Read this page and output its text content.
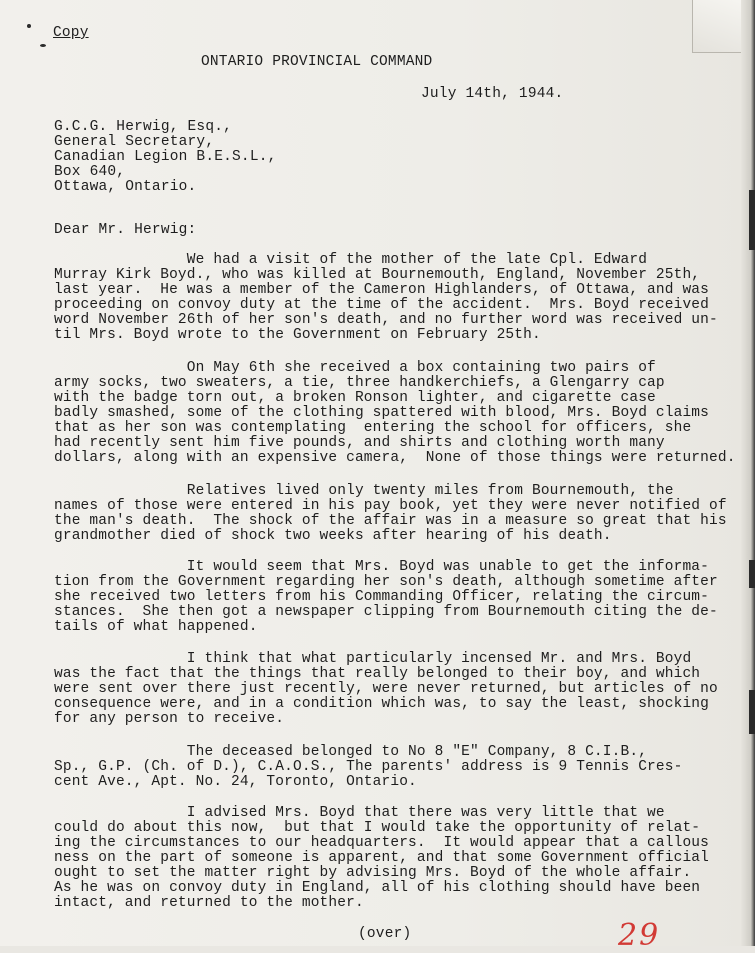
Copy
ONTARIO PROVINCIAL COMMAND
July 14th, 1944.
G.C.G. Herwig, Esq.,
General Secretary,
Canadian Legion B.E.S.L.,
Box 640,
Ottawa, Ontario.
Dear Mr. Herwig:
We had a visit of the mother of the late Cpl. Edward
Murray Kirk Boyd., who was killed at Bournemouth, England, November 25th,
last year.  He was a member of the Cameron Highlanders, of Ottawa, and was
proceeding on convoy duty at the time of the accident.  Mrs. Boyd received
word November 26th of her son's death, and no further word was received un-
til Mrs. Boyd wrote to the Government on February 25th.
On May 6th she received a box containing two pairs of
army socks, two sweaters, a tie, three handkerchiefs, a Glengarry cap
with the badge torn out, a broken Ronson lighter, and cigarette case
badly smashed, some of the clothing spattered with blood, Mrs. Boyd claims
that as her son was contemplating  entering the school for officers, she
had recently sent him five pounds, and shirts and clothing worth many
dollars, along with an expensive camera,  None of those things were returned.
Relatives lived only twenty miles from Bournemouth, the
names of those were entered in his pay book, yet they were never notified of
the man's death.  The shock of the affair was in a measure so great that his
grandmother died of shock two weeks after hearing of his death.
It would seem that Mrs. Boyd was unable to get the informa-
tion from the Government regarding her son's death, although sometime after
she received two letters from his Commanding Officer, relating the circum-
stances.  She then got a newspaper clipping from Bournemouth citing the de-
tails of what happened.
I think that what particularly incensed Mr. and Mrs. Boyd
was the fact that the things that really belonged to their boy, and which
were sent over there just recently, were never returned, but articles of no
consequence were, and in a condition which was, to say the least, shocking
for any person to receive.
The deceased belonged to No 8 "E" Company, 8 C.I.B.,
Sp., G.P. (Ch. of D.), C.A.O.S., The parents' address is 9 Tennis Cres-
cent Ave., Apt. No. 24, Toronto, Ontario.
I advised Mrs. Boyd that there was very little that we
could do about this now,  but that I would take the opportunity of relat-
ing the circumstances to our headquarters.  It would appear that a callous
ness on the part of someone is apparent, and that some Government official
ought to set the matter right by advising Mrs. Boyd of the whole affair.
As he was on convoy duty in England, all of his clothing should have been
intact, and returned to the mother.
(over)	29
